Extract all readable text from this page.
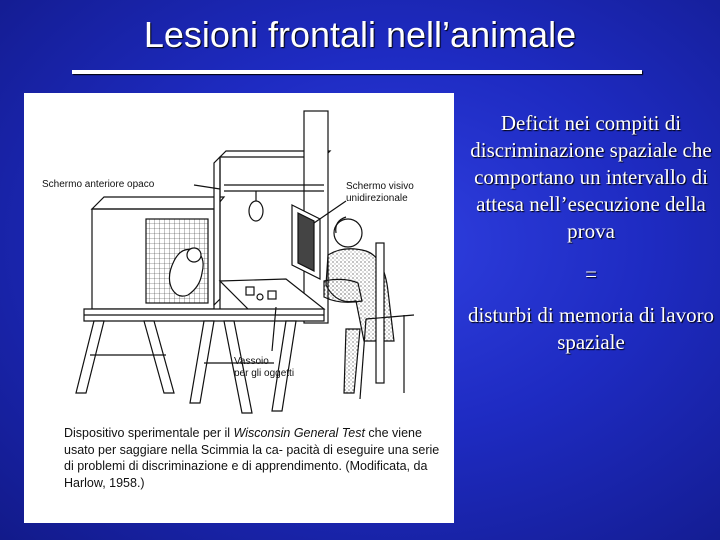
Lesioni frontali nell’animale
Schermo anteriore opaco	Schermo visivo
unidirezionale
Vassoio
per gli oggetti
Dispositivo sperimentale per il Wisconsin General Test che viene usato per saggiare nella Scimmia la ca- pacità di eseguire una serie di problemi di discriminazione e di apprendimento. (Modificata, da Harlow, 1958.)

Deficit nei compiti di discriminazione spaziale che comportano un intervallo di attesa nell’esecuzione della prova

=

disturbi di memoria di lavoro spaziale
